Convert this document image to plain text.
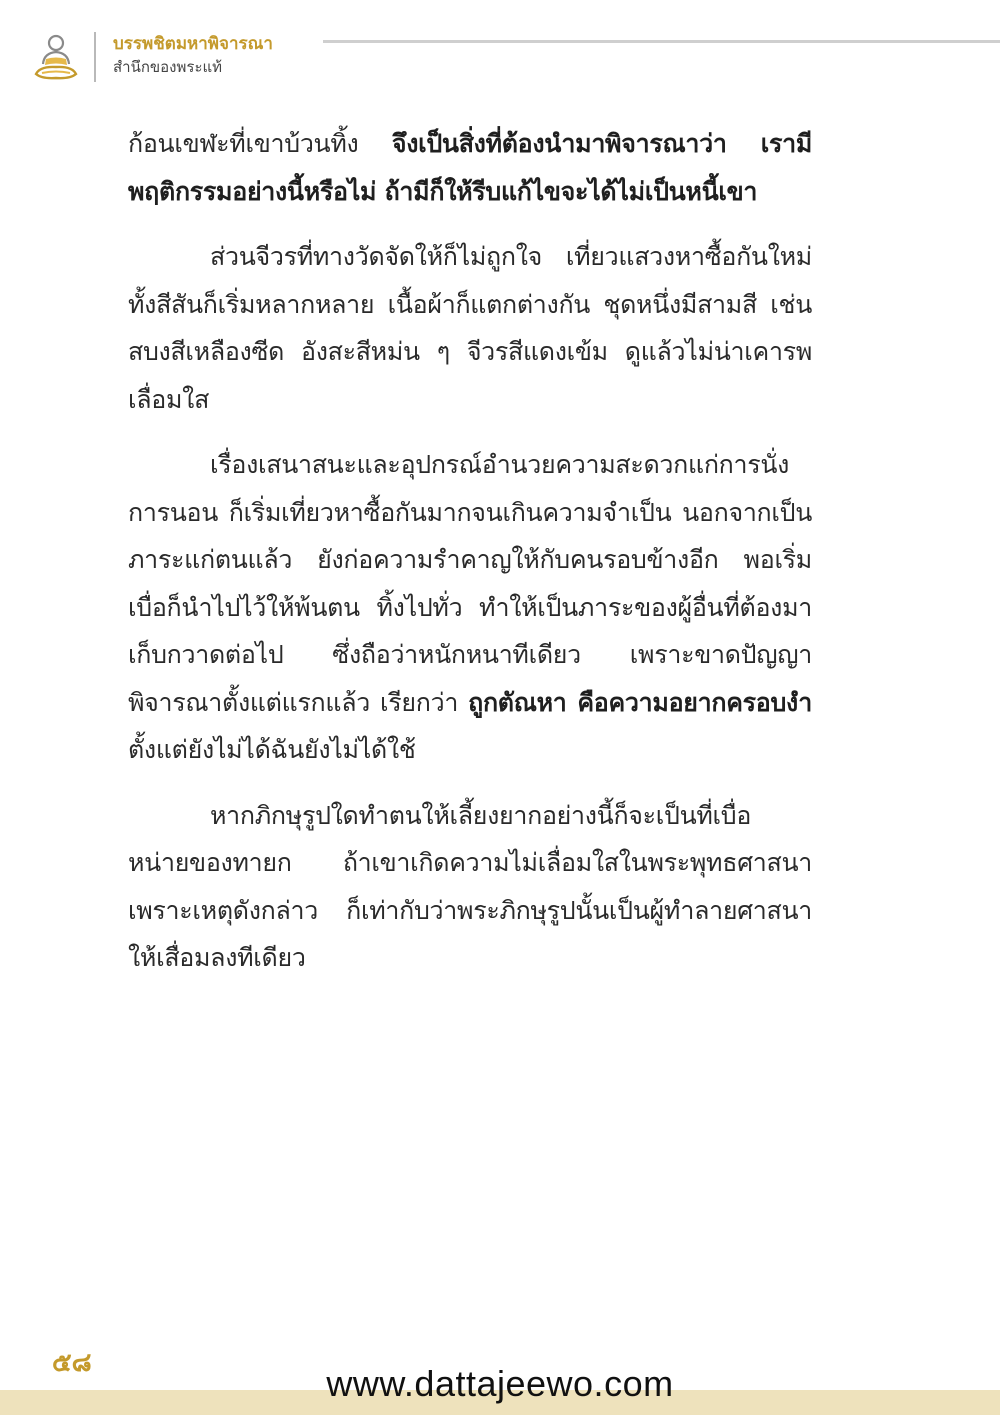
บรรพชิตมหาพิจารณา
สำนึกของพระแท้

ก้อนเขฬะที่เขาบ้วนทิ้ง จึงเป็นสิ่งที่ต้องนำมาพิจารณาว่า เรามีพฤติกรรมอย่างนี้หรือไม่ ถ้ามีก็ให้รีบแก้ไขจะได้ไม่เป็นหนี้เขา

ส่วนจีวรที่ทางวัดจัดให้ก็ไม่ถูกใจ เที่ยวแสวงหาซื้อกันใหม่ ทั้งสีสันก็เริ่มหลากหลาย เนื้อผ้าก็แตกต่างกัน ชุดหนึ่งมีสามสี เช่น สบงสีเหลืองซีด อังสะสีหม่น ๆ จีวรสีแดงเข้ม ดูแล้วไม่น่าเคารพเลื่อมใส

เรื่องเสนาสนะและอุปกรณ์อำนวยความสะดวกแก่การนั่งการนอน ก็เริ่มเที่ยวหาซื้อกันมากจนเกินความจำเป็น นอกจากเป็นภาระแก่ตนแล้ว ยังก่อความรำคาญให้กับคนรอบข้างอีก พอเริ่มเบื่อก็นำไปไว้ให้พ้นตน ทิ้งไปทั่ว ทำให้เป็นภาระของผู้อื่นที่ต้องมาเก็บกวาดต่อไป ซึ่งถือว่าหนักหนาทีเดียว เพราะขาดปัญญาพิจารณาตั้งแต่แรกแล้ว เรียกว่า ถูกตัณหา คือความอยากครอบงำ ตั้งแต่ยังไม่ได้ฉันยังไม่ได้ใช้

หากภิกษุรูปใดทำตนให้เลี้ยงยากอย่างนี้ก็จะเป็นที่เบื่อหน่ายของทายก ถ้าเขาเกิดความไม่เลื่อมใสในพระพุทธศาสนาเพราะเหตุดังกล่าว ก็เท่ากับว่าพระภิกษุรูปนั้นเป็นผู้ทำลายศาสนาให้เสื่อมลงทีเดียว

๕๘	www.dattajeewo.com
